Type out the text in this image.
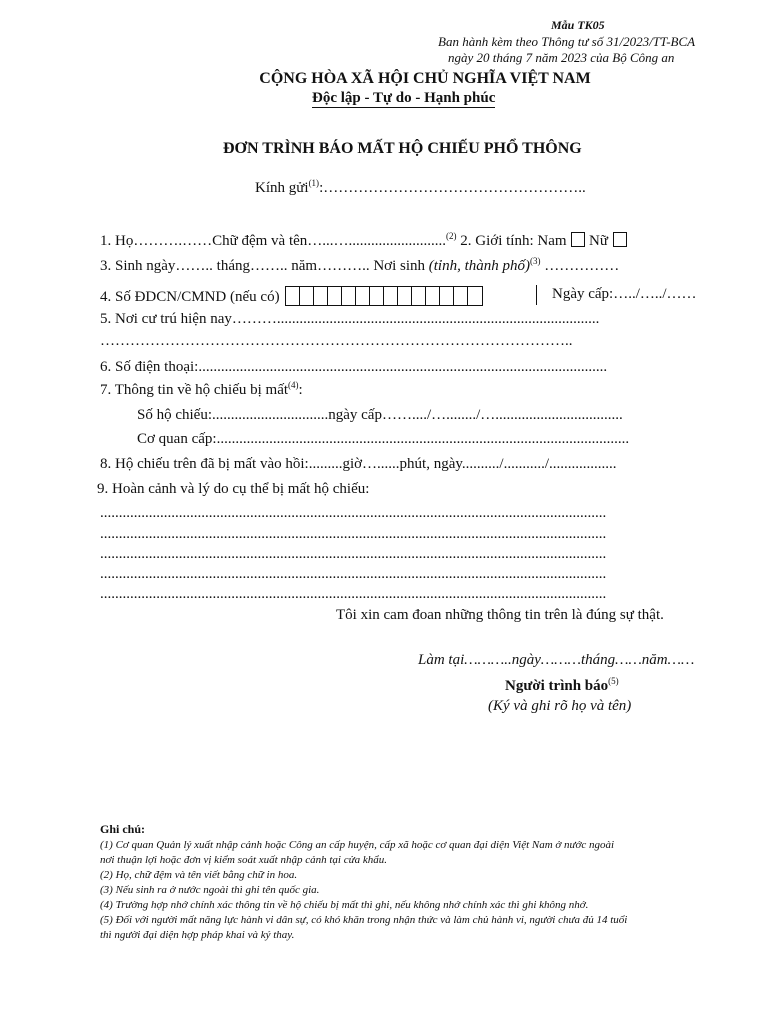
Mẫu TK05
Ban hành kèm theo Thông tư số 31/2023/TT-BCA
ngày 20 tháng 7 năm 2023 của Bộ Công an
CỘNG HÒA XÃ HỘI CHỦ NGHĨA VIỆT NAM
Độc lập - Tự do - Hạnh phúc
ĐƠN TRÌNH BÁO MẤT HỘ CHIẾU PHỔ THÔNG
Kính gửi$^{(1)}$:……………………………………………..
1. Họ……….……Chữ đệm và tên…...…..........................$^{(2)}$ 2. Giới tính: Nam  Nữ
3. Sinh ngày…….. tháng…….. năm……….. Nơi sinh (tỉnh, thành phố)$^{(3)}$ ……………
4. Số ĐDCN/CMND (nếu có)	Ngày cấp:…../…../……
5. Nơi cư trú hiện nay………......................................................................................
…………………………………………………………………………………..
6. Số điện thoại:.............................................................................................................
7. Thông tin về hộ chiếu bị mất$^{(4)}$:
Số hộ chiếu:...............................ngày cấp……..../…......../…..................................
Cơ quan cấp:..............................................................................................................
8. Hộ chiếu trên đã bị mất vào hồi:.........giờ…......phút, ngày........../.........../..................
9. Hoàn cảnh và lý do cụ thể bị mất hộ chiếu:
.......................................................................................................................................
.......................................................................................................................................
.......................................................................................................................................
.......................................................................................................................................
.......................................................................................................................................
Tôi xin cam đoan những thông tin trên là đúng sự thật.
Làm tại………..ngày………tháng……năm……
Người trình báo$^{(5)}$
(Ký và ghi rõ họ và tên)
Ghi chú:
(1) Cơ quan Quản lý xuất nhập cảnh hoặc Công an cấp huyện, cấp xã hoặc cơ quan đại diện Việt Nam ở nước ngoài
nơi thuận lợi hoặc đơn vị kiểm soát xuất nhập cảnh tại cửa khẩu.
(2) Họ, chữ đệm và tên viết bằng chữ in hoa.
(3) Nếu sinh ra ở nước ngoài thì ghi tên quốc gia.
(4) Trường hợp nhớ chính xác thông tin về hộ chiếu bị mất thì ghi, nếu không nhớ chính xác thì ghi không nhớ.
(5) Đối với người mất năng lực hành vi dân sự, có khó khăn trong nhận thức và làm chủ hành vi, người chưa đủ 14 tuổi
thì người đại diện hợp pháp khai và ký thay.
